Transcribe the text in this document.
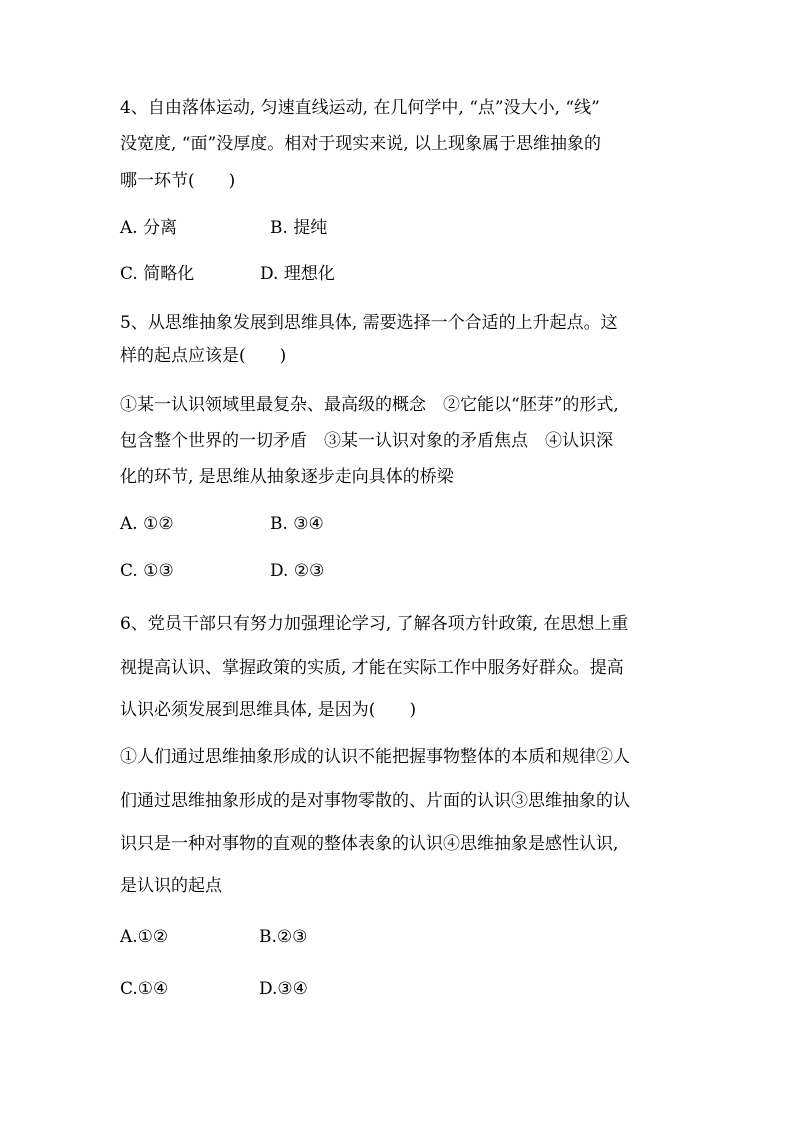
4、自由落体运动, 匀速直线运动, 在几何学中, “点”没大小, “线”
没宽度, “面”没厚度。相对于现实来说, 以上现象属于思维抽象的
哪一环节(　　)
A. 分离	B. 提纯
C. 简略化	D. 理想化
5、从思维抽象发展到思维具体, 需要选择一个合适的上升起点。这
样的起点应该是(　　)
①某一认识领域里最复杂、最高级的概念　②它能以“胚芽”的形式,
包含整个世界的一切矛盾　③某一认识对象的矛盾焦点　④认识深
化的环节, 是思维从抽象逐步走向具体的桥梁
A. ①②	B. ③④
C. ①③	D. ②③
6、党员干部只有努力加强理论学习, 了解各项方针政策, 在思想上重
视提高认识、掌握政策的实质, 才能在实际工作中服务好群众。提高
认识必须发展到思维具体, 是因为(　　)
①人们通过思维抽象形成的认识不能把握事物整体的本质和规律②人
们通过思维抽象形成的是对事物零散的、片面的认识③思维抽象的认
识只是一种对事物的直观的整体表象的认识④思维抽象是感性认识,
是认识的起点
A.①②	B.②③
C.①④	D.③④
